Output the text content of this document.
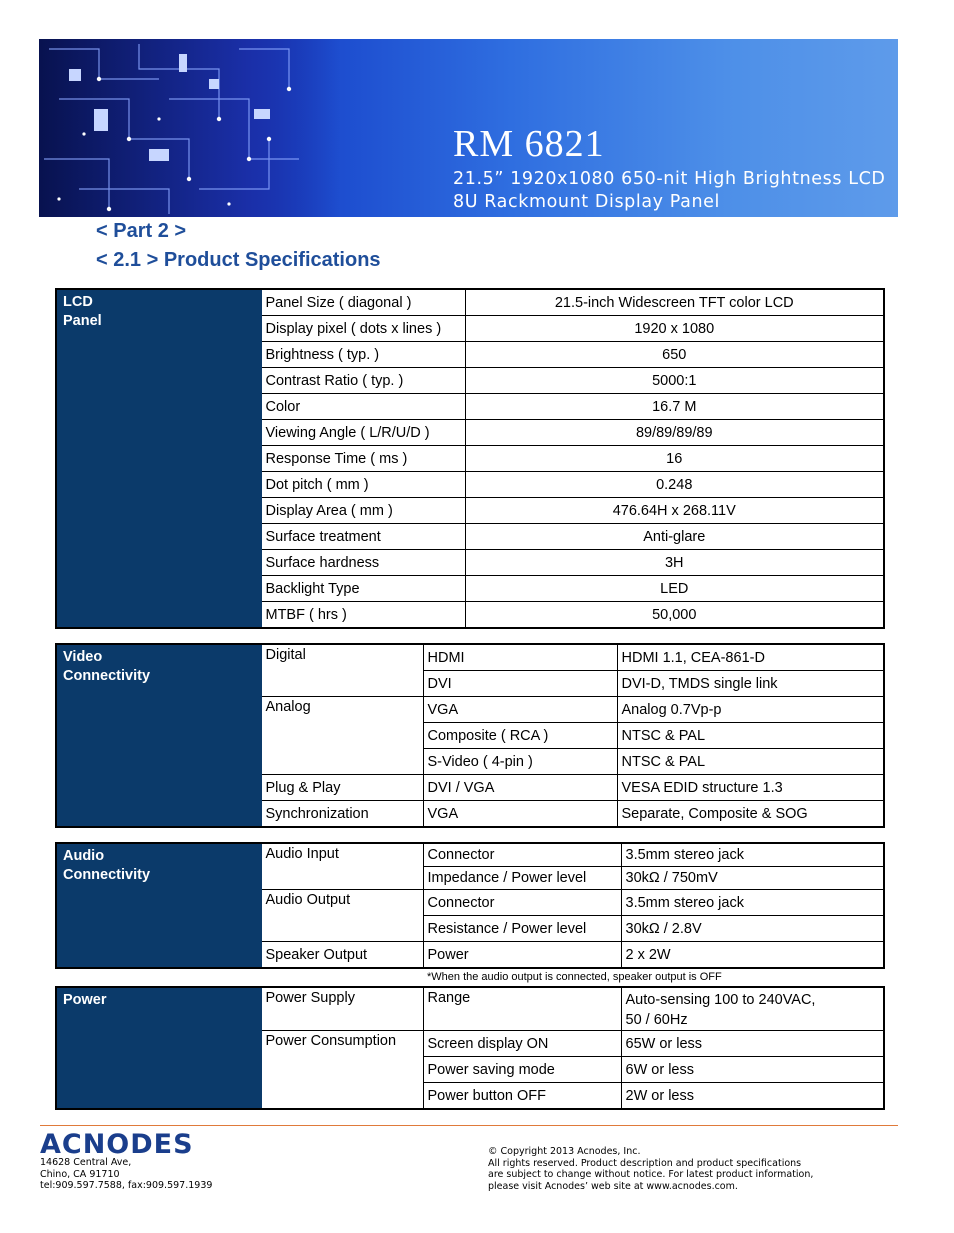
RM 6821
21.5” 1920x1080 650-nit High Brightness LCD
8U Rackmount Display Panel
< Part 2 >
< 2.1 > Product Specifications
LCD
Panel	Panel Size ( diagonal )	21.5-inch Widescreen TFT color LCD
	Display pixel ( dots x lines )	1920 x 1080
	Brightness ( typ. )	650
	Contrast Ratio ( typ. )	5000:1
	Color	16.7 M
	Viewing Angle ( L/R/U/D )	89/89/89/89
	Response Time ( ms )	16
	Dot pitch ( mm )	0.248
	Display Area ( mm )	476.64H x 268.11V
	Surface treatment	Anti-glare
	Surface hardness	3H
	Backlight Type	LED
	MTBF ( hrs )	50,000
Video
Connectivity	Digital	HDMI	HDMI 1.1, CEA-861-D
		DVI	DVI-D, TMDS single link
	Analog	VGA	Analog 0.7Vp-p
		Composite ( RCA )	NTSC & PAL
		S-Video ( 4-pin )	NTSC & PAL
	Plug & Play	DVI / VGA	VESA EDID structure 1.3
	Synchronization	VGA	Separate, Composite & SOG
Audio
Connectivity	Audio Input	Connector	3.5mm stereo jack
		Impedance / Power level	30kΩ / 750mV
	Audio Output	Connector	3.5mm stereo jack
		Resistance / Power level	30kΩ / 2.8V
	Speaker Output	Power	2 x 2W
*When the audio output is connected, speaker output is OFF
Power	Power Supply	Range	Auto-sensing 100 to 240VAC,
50 / 60Hz
	Power Consumption	Screen display ON	65W or less
		Power saving mode	6W or less
		Power button OFF	2W or less
ACNODES
14628 Central Ave,
Chino, CA 91710
tel:909.597.7588, fax:909.597.1939
© Copyright 2013 Acnodes, Inc.
All rights reserved. Product description and product specifications
are subject to change without notice. For latest product information,
please visit Acnodes’ web site at www.acnodes.com.
